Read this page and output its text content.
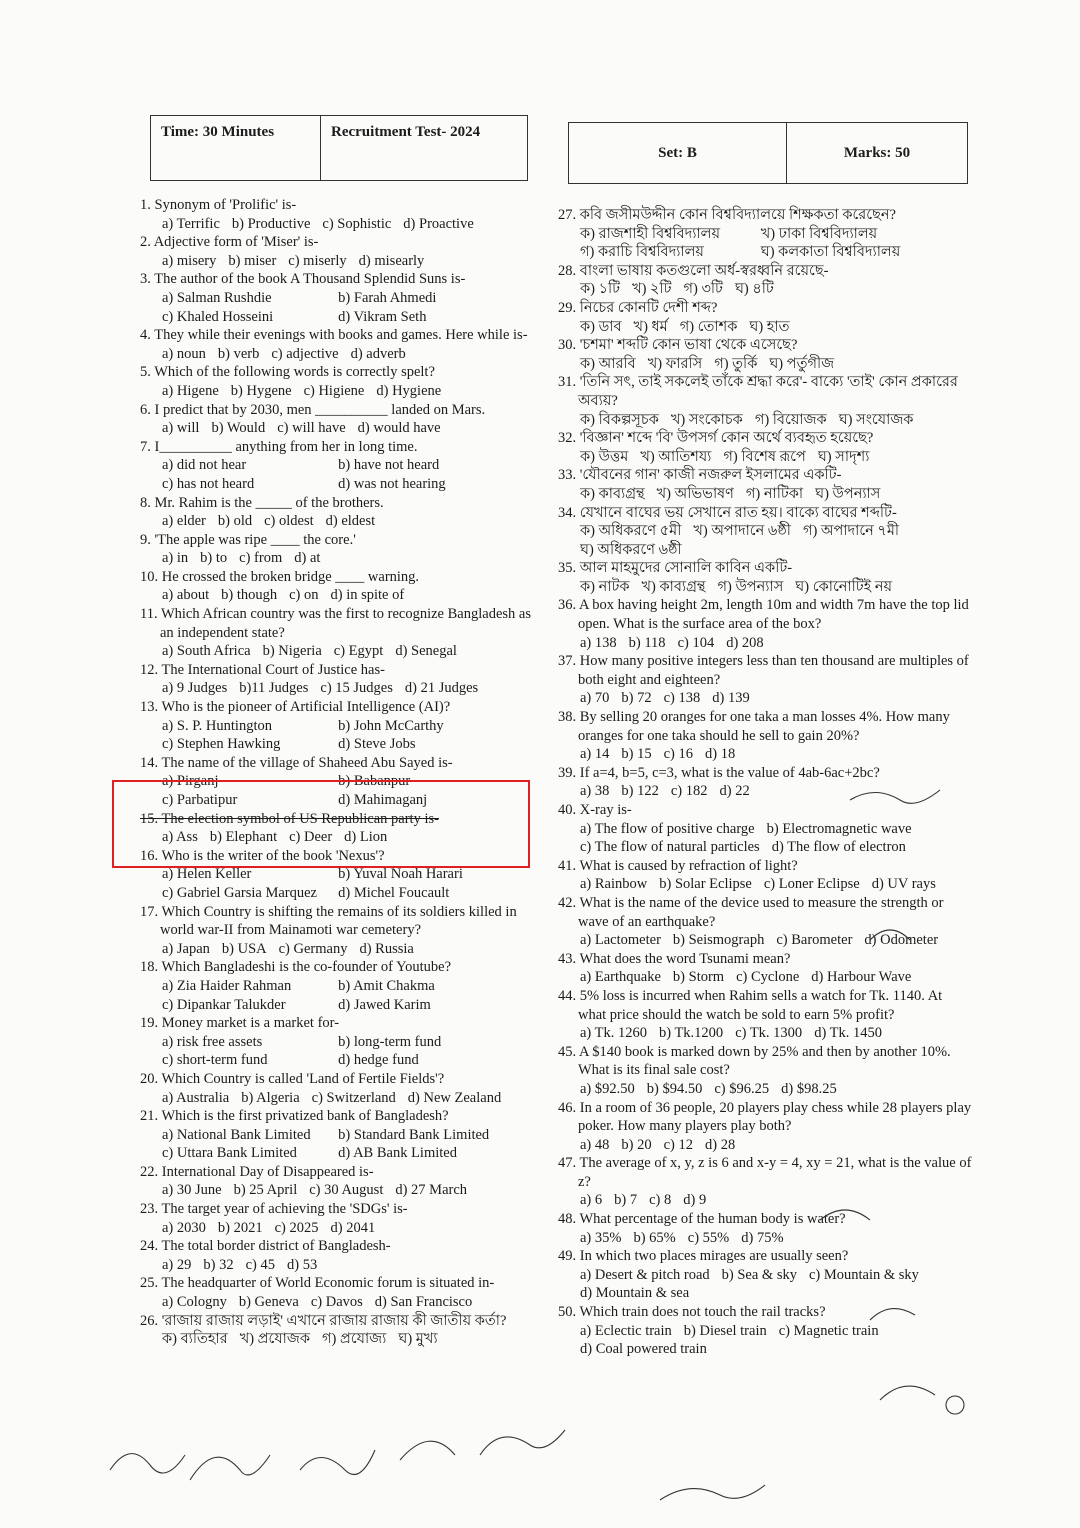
Time: 30 Minutes	Recruitment Test- 2024
Set: B	Marks: 50
1. Synonym of 'Prolific' is-
a) Terrific b) Productive c) Sophistic d) Proactive
2. Adjective form of 'Miser' is-
a) misery b) miser c) miserly d) misearly
3. The author of the book A Thousand Splendid Suns is-
a) Salman Rushdie	b) Farah Ahmedi
c) Khaled Hosseini	d) Vikram Seth
4. They while their evenings with books and games. Here while is-
a) noun b) verb c) adjective d) adverb
5. Which of the following words is correctly spelt?
a) Higene b) Hygene c) Higiene d) Hygiene
6. I predict that by 2030, men __________ landed on Mars.
a) will b) Would c) will have d) would have
7. I__________ anything from her in long time.
a) did not hear	b) have not heard
c) has not heard	d) was not hearing
8. Mr. Rahim is the _____ of the brothers.
a) elder b) old c) oldest d) eldest
9. 'The apple was ripe ____ the core.'
a) in b) to c) from d) at
10. He crossed the broken bridge ____ warning.
a) about b) though c) on d) in spite of
11. Which African country was the first to recognize Bangladesh as an independent state?
a) South Africa b) Nigeria c) Egypt d) Senegal
12. The International Court of Justice has-
a) 9 Judges b)11 Judges c) 15 Judges d) 21 Judges
13. Who is the pioneer of Artificial Intelligence (AI)?
a) S. P. Huntington	b) John McCarthy
c) Stephen Hawking	d) Steve Jobs
14. The name of the village of Shaheed Abu Sayed is-
a) Pirganj	b) Babanpur
c) Parbatipur	d) Mahimaganj
15. The election symbol of US Republican party is-
a) Ass b) Elephant c) Deer d) Lion
16. Who is the writer of the book 'Nexus'?
a) Helen Keller	b) Yuval Noah Harari
c) Gabriel Garsia Marquez	d) Michel Foucault
17. Which Country is shifting the remains of its soldiers killed in world war-II from Mainamoti war cemetery?
a) Japan b) USA c) Germany d) Russia
18. Which Bangladeshi is the co-founder of Youtube?
a) Zia Haider Rahman	b) Amit Chakma
c) Dipankar Talukder	d) Jawed Karim
19. Money market is a market for-
a) risk free assets	b) long-term fund
c) short-term fund	d) hedge fund
20. Which Country is called 'Land of Fertile Fields'?
a) Australia b) Algeria c) Switzerland d) New Zealand
21. Which is the first privatized bank of Bangladesh?
a) National Bank Limited	b) Standard Bank Limited
c) Uttara Bank Limited	d) AB Bank Limited
22. International Day of Disappeared is-
a) 30 June b) 25 April c) 30 August d) 27 March
23. The target year of achieving the 'SDGs' is-
a) 2030 b) 2021 c) 2025 d) 2041
24. The total border district of Bangladesh-
a) 29 b) 32 c) 45 d) 53
25. The headquarter of World Economic forum is situated in-
a) Cologny b) Geneva c) Davos d) San Francisco
26. 'রাজায় রাজায় লড়াই' এখানে রাজায় রাজায় কী জাতীয় কর্তা?
ক) ব্যতিহার খ) প্রযোজক গ) প্রযোজ্য ঘ) মুখ্য
27. কবি জসীমউদ্দীন কোন বিশ্ববিদ্যালয়ে শিক্ষকতা করেছেন?
ক) রাজশাহী বিশ্ববিদ্যালয়	খ) ঢাকা বিশ্ববিদ্যালয়
গ) করাচি বিশ্ববিদ্যালয়	ঘ) কলকাতা বিশ্ববিদ্যালয়
28. বাংলা ভাষায় কতগুলো অর্ধ-স্বরধ্বনি রয়েছে-
ক) ১টি খ) ২টি গ) ৩টি ঘ) ৪টি
29. নিচের কোনটি দেশী শব্দ?
ক) ডাব খ) ধর্ম গ) তোশক ঘ) হাত
30. 'চশমা' শব্দটি কোন ভাষা থেকে এসেছে?
ক) আরবি খ) ফারসি গ) তুর্কি ঘ) পর্তুগীজ
31. 'তিনি সৎ, তাই সকলেই তাঁকে শ্রদ্ধা করে'- বাক্যে 'তাই' কোন প্রকারের অব্যয়?
ক) বিকল্পসূচক খ) সংকোচক গ) বিয়োজক ঘ) সংযোজক
32. 'বিজ্ঞান' শব্দে 'বি' উপসর্গ কোন অর্থে ব্যবহৃত হয়েছে?
ক) উত্তম খ) আতিশয্য গ) বিশেষ রূপে ঘ) সাদৃশ্য
33. 'যৌবনের গান' কাজী নজরুল ইসলামের একটি-
ক) কাব্যগ্রন্থ খ) অভিভাষণ গ) নাটিকা ঘ) উপন্যাস
34. যেখানে বাঘের ভয় সেখানে রাত হয়। বাক্যে বাঘের শব্দটি-
ক) অধিকরণে ৫মী খ) অপাদানে ৬ষ্ঠী গ) অপাদানে ৭মী
ঘ) অধিকরণে ৬ষ্ঠী
35. আল মাহমুদের সোনালি কাবিন একটি-
ক) নাটক খ) কাব্যগ্রন্থ গ) উপন্যাস ঘ) কোনোটিই নয়
36. A box having height 2m, length 10m and width 7m have the top lid open. What is the surface area of the box?
a) 138 b) 118 c) 104 d) 208
37. How many positive integers less than ten thousand are multiples of both eight and eighteen?
a) 70 b) 72 c) 138 d) 139
38. By selling 20 oranges for one taka a man losses 4%. How many oranges for one taka should he sell to gain 20%?
a) 14 b) 15 c) 16 d) 18
39. If a=4, b=5, c=3, what is the value of 4ab-6ac+2bc?
a) 38 b) 122 c) 182 d) 22
40. X-ray is-
a) The flow of positive charge b) Electromagnetic wave
c) The flow of natural particles d) The flow of electron
41. What is caused by refraction of light?
a) Rainbow b) Solar Eclipse c) Loner Eclipse d) UV rays
42. What is the name of the device used to measure the strength or wave of an earthquake?
a) Lactometer b) Seismograph c) Barometer d) Odometer
43. What does the word Tsunami mean?
a) Earthquake b) Storm c) Cyclone d) Harbour Wave
44. 5% loss is incurred when Rahim sells a watch for Tk. 1140. At what price should the watch be sold to earn 5% profit?
a) Tk. 1260 b) Tk.1200 c) Tk. 1300 d) Tk. 1450
45. A $140 book is marked down by 25% and then by another 10%. What is its final sale cost?
a) $92.50 b) $94.50 c) $96.25 d) $98.25
46. In a room of 36 people, 20 players play chess while 28 players play poker. How many players play both?
a) 48 b) 20 c) 12 d) 28
47. The average of x, y, z is 6 and x-y = 4, xy = 21, what is the value of z?
a) 6 b) 7 c) 8 d) 9
48. What percentage of the human body is water?
a) 35% b) 65% c) 55% d) 75%
49. In which two places mirages are usually seen?
a) Desert & pitch road b) Sea & sky c) Mountain & sky
d) Mountain & sea
50. Which train does not touch the rail tracks?
a) Eclectic train b) Diesel train c) Magnetic train
d) Coal powered train
